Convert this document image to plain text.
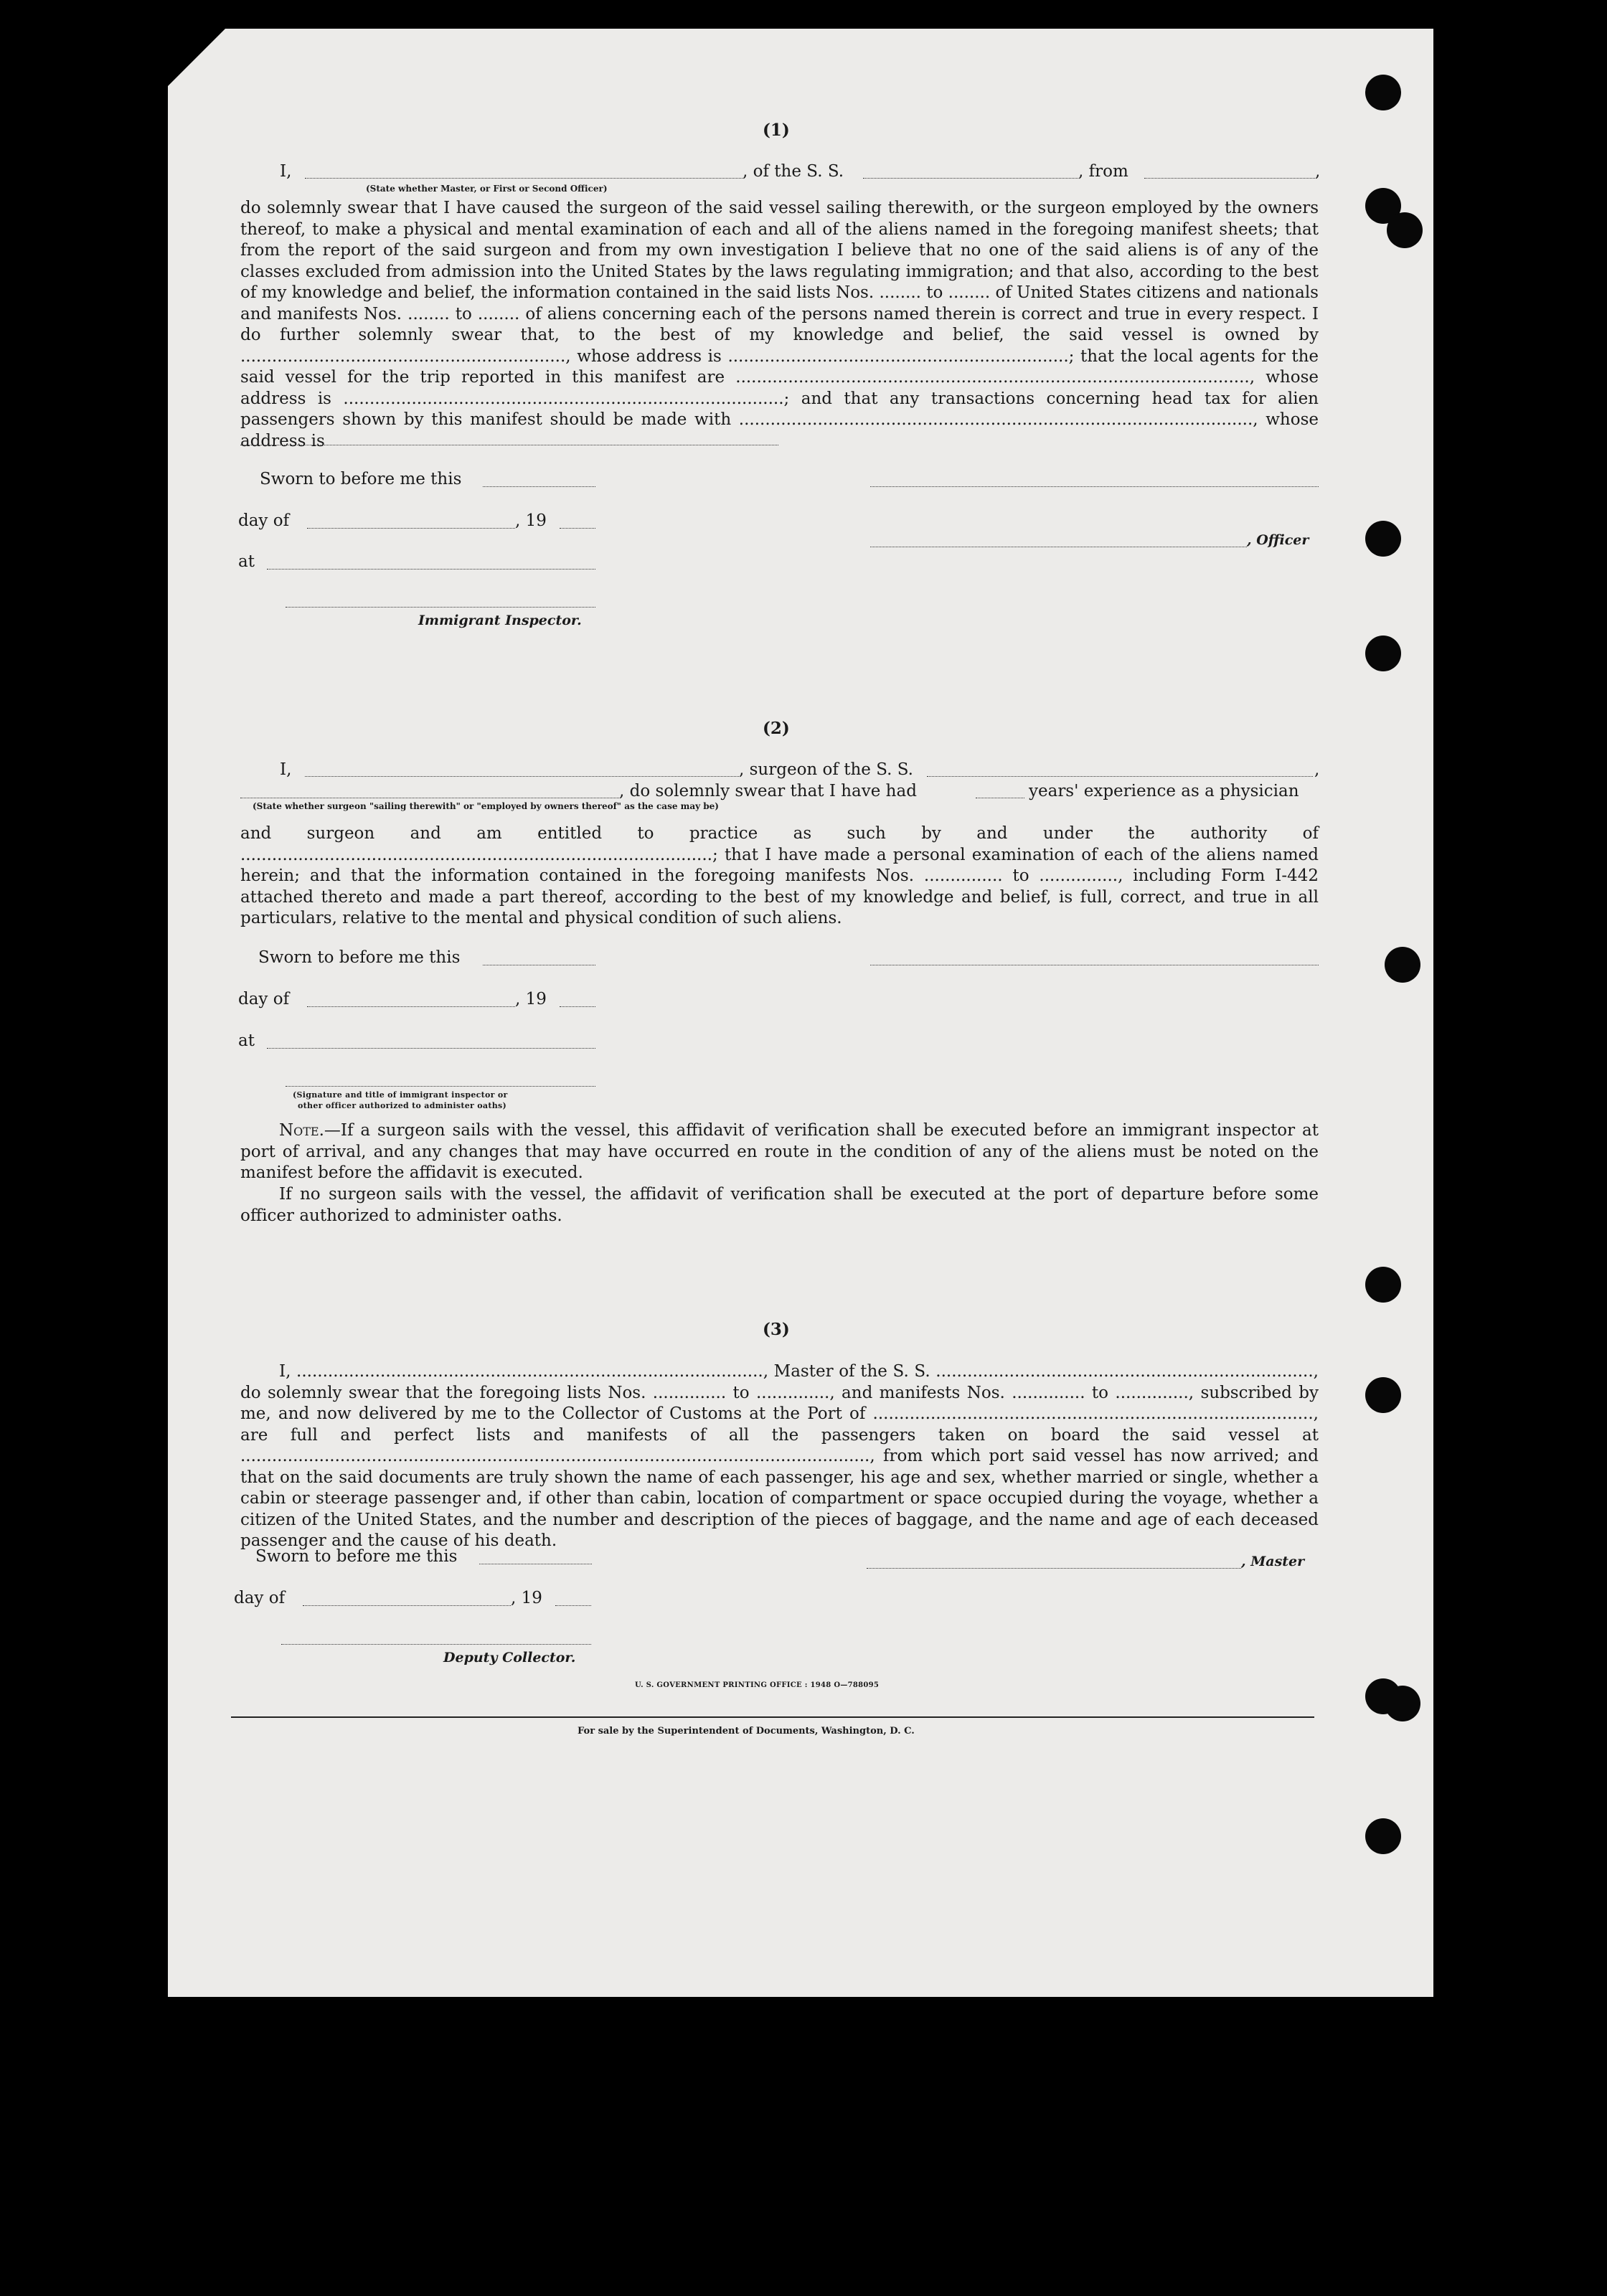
(1)
I,	, of the S. S.	, from	,
(State whether Master, or First or Second Officer)
do solemnly swear that I have caused the surgeon of the said vessel sailing therewith, or the surgeon employed by the owners thereof, to make a physical and mental examination of each and all of the aliens named in the foregoing manifest sheets; that from the report of the said surgeon and from my own investigation I believe that no one of the said aliens is of any of the classes excluded from admission into the United States by the laws regulating immigration; and that also, according to the best of my knowledge and belief, the information contained in the said lists Nos. ........ to ........ of United States citizens and nationals and manifests Nos. ........ to ........ of aliens concerning each of the persons named therein is correct and true in every respect. I do further solemnly swear that, to the best of my knowledge and belief, the said vessel is owned by .............................................................., whose address is .................................................................; that the local agents for the said vessel for the trip reported in this manifest are .................................................................................................., whose address is ....................................................................................; and that any transactions concerning head tax for alien passengers shown by this manifest should be made with .................................................................................................., whose address is
Sworn to before me this
day of	, 19
, Officer
at
Immigrant Inspector.
(2)
I,	, surgeon of the S. S.	,
, do solemnly swear that I have had	years' experience as a physician
(State whether surgeon "sailing therewith" or "employed by owners thereof" as the case may be)
and surgeon and am entitled to practice as such by and under the authority of ..........................................................................................; that I have made a personal examination of each of the aliens named herein; and that the information contained in the foregoing manifests Nos. ............... to ..............., including Form I-442 attached thereto and made a part thereof, according to the best of my knowledge and belief, is full, correct, and true in all particulars, relative to the mental and physical condition of such aliens.
Sworn to before me this
day of	, 19
at
(Signature and title of immigrant inspector or
other officer authorized to administer oaths)
Note.—If a surgeon sails with the vessel, this affidavit of verification shall be executed before an immigrant inspector at port of arrival, and any changes that may have occurred en route in the condition of any of the aliens must be noted on the manifest before the affidavit is executed.
If no surgeon sails with the vessel, the affidavit of verification shall be executed at the port of departure before some officer authorized to administer oaths.
(3)
I, ........................................................................................., Master of the S. S. ........................................................................, do solemnly swear that the foregoing lists Nos. .............. to .............., and manifests Nos. .............. to .............., subscribed by me, and now delivered by me to the Collector of Customs at the Port of ...................................................................................., are full and perfect lists and manifests of all the passengers taken on board the said vessel at ........................................................................................................................, from which port said vessel has now arrived; and that on the said documents are truly shown the name of each passenger, his age and sex, whether married or single, whether a cabin or steerage passenger and, if other than cabin, location of compartment or space occupied during the voyage, whether a citizen of the United States, and the number and description of the pieces of baggage, and the name and age of each deceased passenger and the cause of his death.
Sworn to before me this	, Master
day of	, 19
Deputy Collector.
U. S. GOVERNMENT PRINTING OFFICE : 1948 O—788095
For sale by the Superintendent of Documents, Washington, D. C.
